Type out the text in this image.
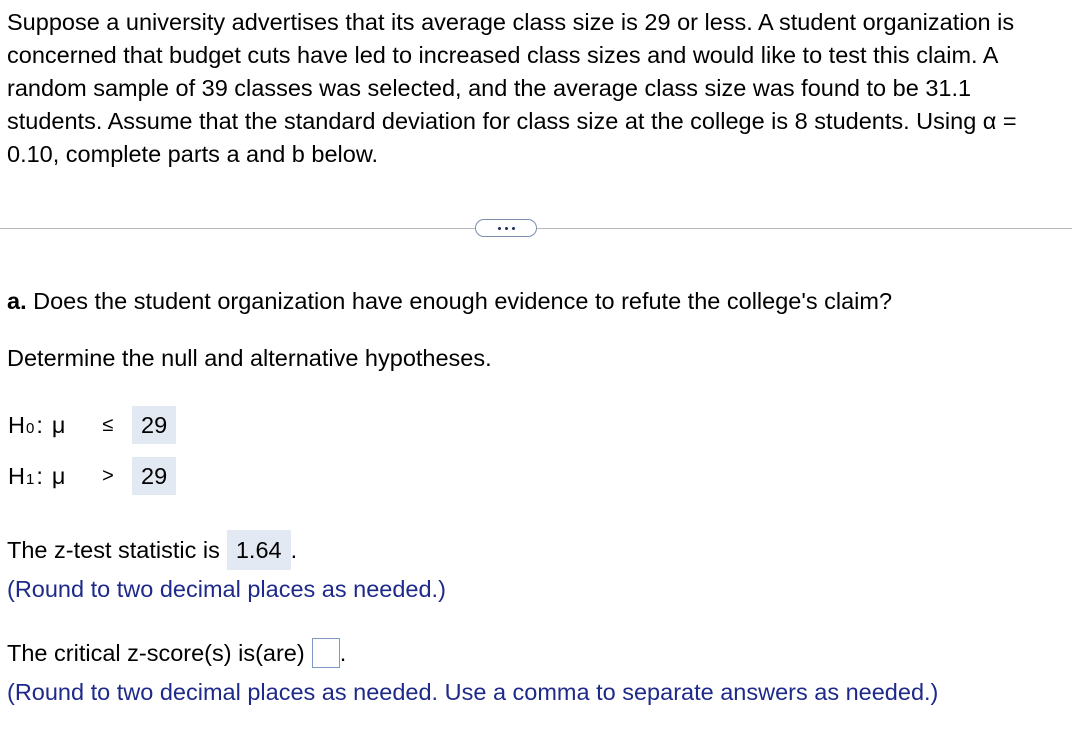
Suppose a university advertises that its average class size is 29 or less. A student organization is concerned that budget cuts have led to increased class sizes and would like to test this claim. A random sample of 39 classes was selected, and the average class size was found to be 31.1 students. Assume that the standard deviation for class size at the college is 8 students. Using α = 0.10, complete parts a and b below.
a. Does the student organization have enough evidence to refute the college's claim?
Determine the null and alternative hypotheses.
H 0 : μ	≤	29
H 1 : μ	>	29
The z-test statistic is 1.64 .
(Round to two decimal places as needed.)
The critical z-score(s) is(are) .
(Round to two decimal places as needed. Use a comma to separate answers as needed.)
